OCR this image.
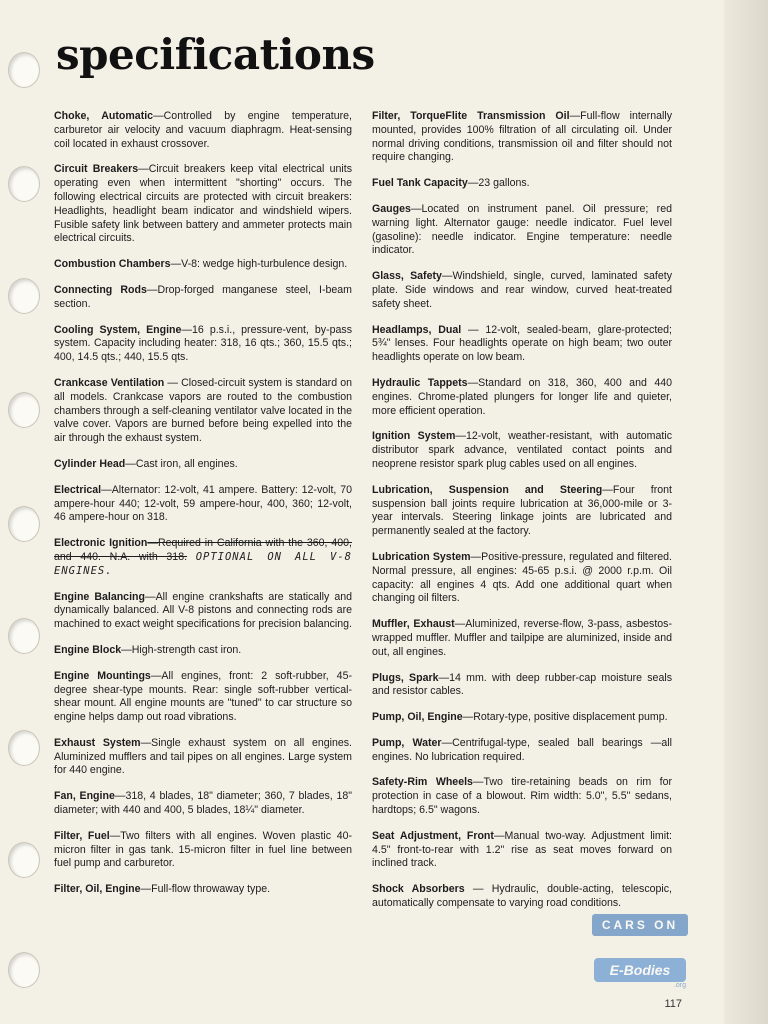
specifications

Choke, Automatic—Controlled by engine temperature, carburetor air velocity and vacuum diaphragm. Heat-sensing coil located in exhaust crossover.

Circuit Breakers—Circuit breakers keep vital electrical units operating even when intermittent "shorting" occurs. The following electrical circuits are protected with circuit breakers: Headlights, headlight beam indicator and windshield wipers. Fusible safety link between battery and ammeter protects main electrical circuits.

Combustion Chambers—V-8: wedge high-turbulence design.

Connecting Rods—Drop-forged manganese steel, I-beam section.

Cooling System, Engine—16 p.s.i., pressure-vent, by-pass system. Capacity including heater: 318, 16 qts.; 360, 15.5 qts.; 400, 14.5 qts.; 440, 15.5 qts.

Crankcase Ventilation — Closed-circuit system is standard on all models. Crankcase vapors are routed to the combustion chambers through a self-cleaning ventilator valve located in the valve cover. Vapors are burned before being expelled into the air through the exhaust system.

Cylinder Head—Cast iron, all engines.

Electrical—Alternator: 12-volt, 41 ampere. Battery: 12-volt, 70 ampere-hour 440; 12-volt, 59 ampere-hour, 400, 360; 12-volt, 46 ampere-hour on 318.

Electronic Ignition—Required in California with the 360, 400, and 440. N.A. with 318. OPTIONAL ON ALL V-8 ENGINES.

Engine Balancing—All engine crankshafts are statically and dynamically balanced. All V-8 pistons and connecting rods are machined to exact weight specifications for precision balancing.

Engine Block—High-strength cast iron.

Engine Mountings—All engines, front: 2 soft-rubber, 45-degree shear-type mounts. Rear: single soft-rubber vertical-shear mount. All engine mounts are "tuned" to car structure so engine helps damp out road vibrations.

Exhaust System—Single exhaust system on all engines. Aluminized mufflers and tail pipes on all engines. Large system for 440 engine.

Fan, Engine—318, 4 blades, 18" diameter; 360, 7 blades, 18" diameter; with 440 and 400, 5 blades, 18¼" diameter.

Filter, Fuel—Two filters with all engines. Woven plastic 40-micron filter in gas tank. 15-micron filter in fuel line between fuel pump and carburetor.

Filter, Oil, Engine—Full-flow throwaway type.

Filter, TorqueFlite Transmission Oil—Full-flow internally mounted, provides 100% filtration of all circulating oil. Under normal driving conditions, transmission oil and filter should not require changing.

Fuel Tank Capacity—23 gallons.

Gauges—Located on instrument panel. Oil pressure; red warning light. Alternator gauge: needle indicator. Fuel level (gasoline): needle indicator. Engine temperature: needle indicator.

Glass, Safety—Windshield, single, curved, laminated safety plate. Side windows and rear window, curved heat-treated safety sheet.

Headlamps, Dual — 12-volt, sealed-beam, glare-protected; 5¾" lenses. Four headlights operate on high beam; two outer headlights operate on low beam.

Hydraulic Tappets—Standard on 318, 360, 400 and 440 engines. Chrome-plated plungers for longer life and quieter, more efficient operation.

Ignition System—12-volt, weather-resistant, with automatic distributor spark advance, ventilated contact points and neoprene resistor spark plug cables used on all engines.

Lubrication, Suspension and Steering—Four front suspension ball joints require lubrication at 36,000-mile or 3-year intervals. Steering linkage joints are lubricated and permanently sealed at the factory.

Lubrication System—Positive-pressure, regulated and filtered. Normal pressure, all engines: 45-65 p.s.i. @ 2000 r.p.m. Oil capacity: all engines 4 qts. Add one additional quart when changing oil filters.

Muffler, Exhaust—Aluminized, reverse-flow, 3-pass, asbestos-wrapped muffler. Muffler and tailpipe are aluminized, inside and out, all engines.

Plugs, Spark—14 mm. with deep rubber-cap moisture seals and resistor cables.

Pump, Oil, Engine—Rotary-type, positive displacement pump.

Pump, Water—Centrifugal-type, sealed ball bearings —all engines. No lubrication required.

Safety-Rim Wheels—Two tire-retaining beads on rim for protection in case of a blowout. Rim width: 5.0", 5.5" sedans, hardtops; 6.5" wagons.

Seat Adjustment, Front—Manual two-way. Adjustment limit: 4.5" front-to-rear with 1.2" rise as seat moves forward on inclined track.

Shock Absorbers — Hydraulic, double-acting, telescopic, automatically compensate to varying road conditions.

CARS ON
E-Bodies
.org
117
